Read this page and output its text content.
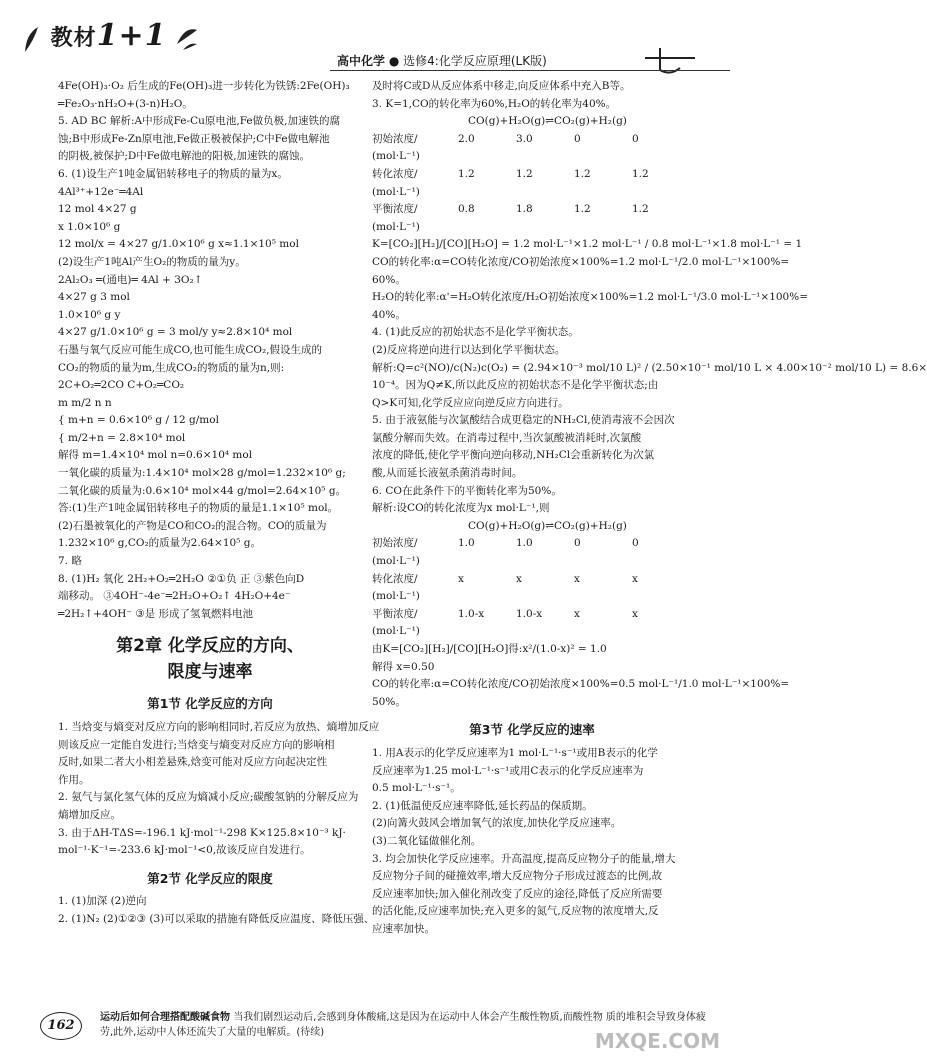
教材1+1
高中化学 ● 选修4:化学反应原理(LK版)
4Fe(OH)₃·O₂ 后生成的Fe(OH)₃进一步转化为铁锈:2Fe(OH)₃
═Fe₂O₃·nH₂O+(3-n)H₂O。
5. AD BC 解析:A中形成Fe-Cu原电池,Fe做负极,加速铁的腐
蚀;B中形成Fe-Zn原电池,Fe做正极被保护;C中Fe做电解池
的阴极,被保护;D中Fe做电解池的阳极,加速铁的腐蚀。
6. (1)设生产1吨金属铝转移电子的物质的量为x。
4Al³⁺+12e⁻═4Al
12 mol 4×27 g
x 1.0×10⁶ g
12 mol/x = 4×27 g/1.0×10⁶ g x≈1.1×10⁵ mol
(2)设生产1吨Al产生O₂的物质的量为y。
2Al₂O₃ ═(通电)═ 4Al + 3O₂↑
4×27 g 3 mol
1.0×10⁶ g y
4×27 g/1.0×10⁶ g = 3 mol/y y≈2.8×10⁴ mol
石墨与氧气反应可能生成CO,也可能生成CO₂,假设生成的
CO₂的物质的量为m,生成CO₂的物质的量为n,则:
2C+O₂═2CO C+O₂═CO₂
m m/2 n n
{ m+n = 0.6×10⁶ g / 12 g/mol
{ m/2+n = 2.8×10⁴ mol
解得 m=1.4×10⁴ mol n=0.6×10⁴ mol
一氧化碳的质量为:1.4×10⁴ mol×28 g/mol=1.232×10⁶ g;
二氧化碳的质量为:0.6×10⁴ mol×44 g/mol=2.64×10⁵ g。
答:(1)生产1吨金属铝转移电子的物质的量是1.1×10⁵ mol。
(2)石墨被氧化的产物是CO和CO₂的混合物。CO的质量为
1.232×10⁶ g,CO₂的质量为2.64×10⁵ g。
7. 略
8. (1)H₂ 氧化 2H₂+O₂═2H₂O ②①负 正 ③紫色向D
端移动。 ③4OH⁻-4e⁻═2H₂O+O₂↑ 4H₂O+4e⁻
═2H₂↑+4OH⁻ ③是 形成了氢氧燃料电池
第2章 化学反应的方向、
限度与速率
第1节 化学反应的方向
1. 当焓变与熵变对反应方向的影响相同时,若反应为放热、熵增加反应
则该反应一定能自发进行;当焓变与熵变对反应方向的影响相
反时,如果二者大小相差悬殊,焓变可能对反应方向起决定性
作用。
2. 氨气与氯化氢气体的反应为熵减小反应;碳酸氢钠的分解反应为
熵增加反应。
3. 由于ΔH-TΔS=-196.1 kJ·mol⁻¹-298 K×125.8×10⁻³ kJ·
mol⁻¹·K⁻¹=-233.6 kJ·mol⁻¹<0,故该反应自发进行。
第2节 化学反应的限度
1. (1)加深 (2)逆向
2. (1)N₂ (2)①②③ (3)可以采取的措施有降低反应温度、降低压强、
及时将C或D从反应体系中移走,向反应体系中充入B等。
3. K=1,CO的转化率为60%,H₂O的转化率为40%。
CO(g)+H₂O(g)⇌CO₂(g)+H₂(g)
初始浓度/	2.0	3.0	0	0
(mol·L⁻¹)				
转化浓度/	1.2	1.2	1.2	1.2
(mol·L⁻¹)				
平衡浓度/	0.8	1.8	1.2	1.2
(mol·L⁻¹)				
K=[CO₂][H₂]/[CO][H₂O] = 1.2 mol·L⁻¹×1.2 mol·L⁻¹ / 0.8 mol·L⁻¹×1.8 mol·L⁻¹ = 1
CO的转化率:α=CO转化浓度/CO初始浓度×100%=1.2 mol·L⁻¹/2.0 mol·L⁻¹×100%=
60%。
H₂O的转化率:α'=H₂O转化浓度/H₂O初始浓度×100%=1.2 mol·L⁻¹/3.0 mol·L⁻¹×100%=
40%。
4. (1)此反应的初始状态不是化学平衡状态。
(2)反应将逆向进行以达到化学平衡状态。
解析:Q=c²(NO)/c(N₂)c(O₂) = (2.94×10⁻³ mol/10 L)² / (2.50×10⁻¹ mol/10 L × 4.00×10⁻² mol/10 L) = 8.6×
10⁻⁴。因为Q≠K,所以此反应的初始状态不是化学平衡状态;由
Q>K可知,化学反应应向逆反应方向进行。
5. 由于液氨能与次氯酸结合成更稳定的NH₂Cl,使消毒液不会因次
氯酸分解而失效。在消毒过程中,当次氯酸被消耗时,次氯酸
浓度的降低,使化学平衡向逆向移动,NH₂Cl会重新转化为次氯
酸,从而延长液氨杀菌消毒时间。
6. CO在此条件下的平衡转化率为50%。
解析:设CO的转化浓度为x mol·L⁻¹,则
CO(g)+H₂O(g)⇌CO₂(g)+H₂(g)
初始浓度/	1.0	1.0	0	0
(mol·L⁻¹)				
转化浓度/	x	x	x	x
(mol·L⁻¹)				
平衡浓度/	1.0-x	1.0-x	x	x
(mol·L⁻¹)				
由K=[CO₂][H₂]/[CO][H₂O]得:x²/(1.0-x)² = 1.0
解得 x=0.50
CO的转化率:α=CO转化浓度/CO初始浓度×100%=0.5 mol·L⁻¹/1.0 mol·L⁻¹×100%=
50%。
第3节 化学反应的速率
1. 用A表示的化学反应速率为1 mol·L⁻¹·s⁻¹或用B表示的化学
反应速率为1.25 mol·L⁻¹·s⁻¹或用C表示的化学反应速率为
0.5 mol·L⁻¹·s⁻¹。
2. (1)低温使反应速率降低,延长药品的保质期。
(2)向篝火鼓风会增加氧气的浓度,加快化学反应速率。
(3)二氧化锰做催化剂。
3. 均会加快化学反应速率。升高温度,提高反应物分子的能量,增大
反应物分子间的碰撞效率,增大反应物分子形成过渡态的比例,故
反应速率加快;加入催化剂改变了反应的途径,降低了反应所需要
的活化能,反应速率加快;充入更多的氮气,反应物的浓度增大,反
应速率加快。
162
运动后如何合理搭配酸碱食物 当我们剧烈运动后,会感到身体酸痛,这是因为在运动中人体会产生酸性物质,而酸性物 质的堆积会导致身体疲劳,此外,运动中人体还流失了大量的电解质。(待续)	MXQE.COM
